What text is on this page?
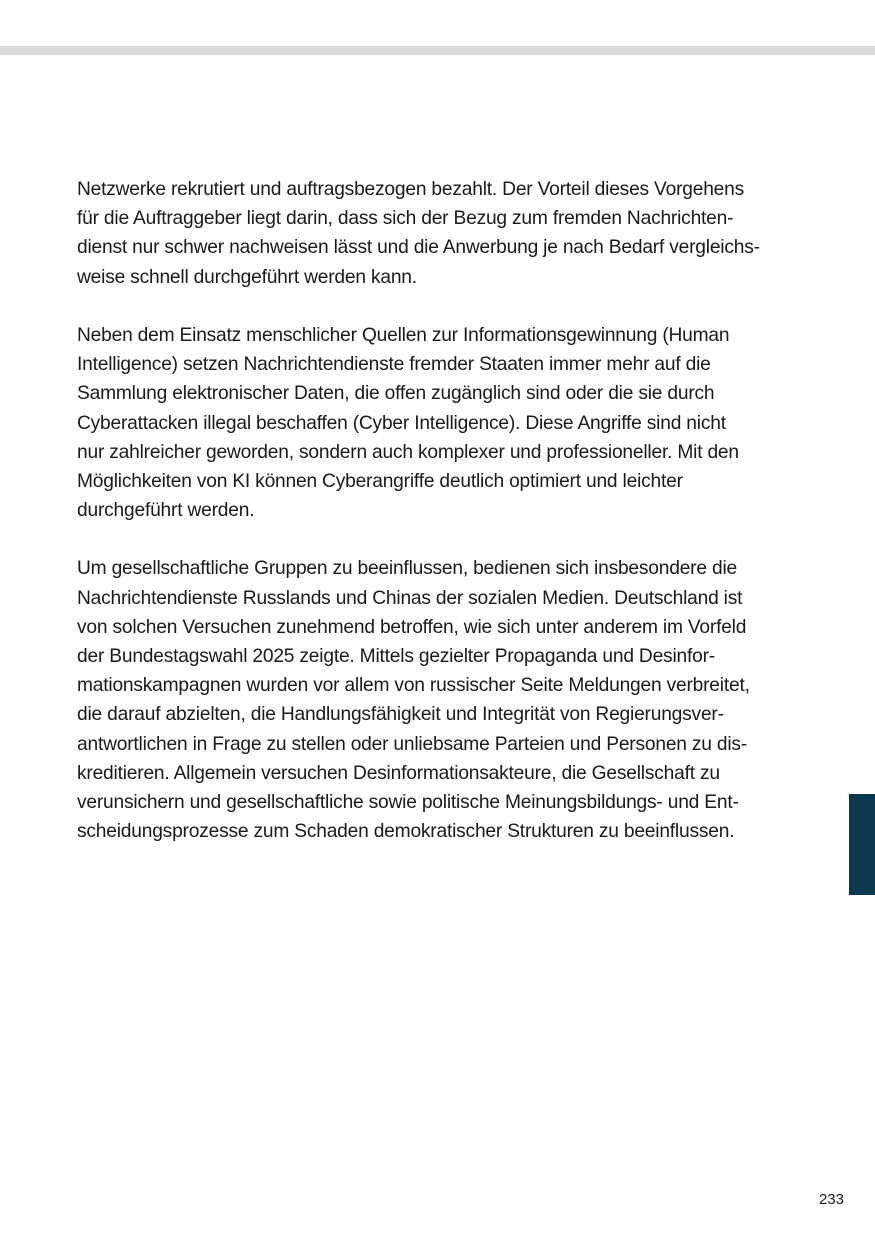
Netzwerke rekrutiert und auftragsbezogen bezahlt. Der Vorteil dieses Vorgehens
für die Auftraggeber liegt darin, dass sich der Bezug zum fremden Nachrichten-
dienst nur schwer nachweisen lässt und die Anwerbung je nach Bedarf vergleichs-
weise schnell durchgeführt werden kann.
Neben dem Einsatz menschlicher Quellen zur Informationsgewinnung (Human
Intelligence) setzen Nachrichtendienste fremder Staaten immer mehr auf die
Sammlung elektronischer Daten, die offen zugänglich sind oder die sie durch
Cyberattacken illegal beschaffen (Cyber Intelligence). Diese Angriffe sind nicht
nur zahlreicher geworden, sondern auch komplexer und professioneller. Mit den
Möglichkeiten von KI können Cyberangriffe deutlich optimiert und leichter
durchgeführt werden.
Um gesellschaftliche Gruppen zu beeinflussen, bedienen sich insbesondere die
Nachrichtendienste Russlands und Chinas der sozialen Medien. Deutschland ist
von solchen Versuchen zunehmend betroffen, wie sich unter anderem im Vorfeld
der Bundestagswahl 2025 zeigte. Mittels gezielter Propaganda und Desinfor-
mationskampagnen wurden vor allem von russischer Seite Meldungen verbreitet,
die darauf abzielten, die Handlungsfähigkeit und Integrität von Regierungsver-
antwortlichen in Frage zu stellen oder unliebsame Parteien und Personen zu dis-
kreditieren. Allgemein versuchen Desinformationsakteure, die Gesellschaft zu
verunsichern und gesellschaftliche sowie politische Meinungsbildungs- und Ent-
scheidungsprozesse zum Schaden demokratischer Strukturen zu beeinflussen.
233
